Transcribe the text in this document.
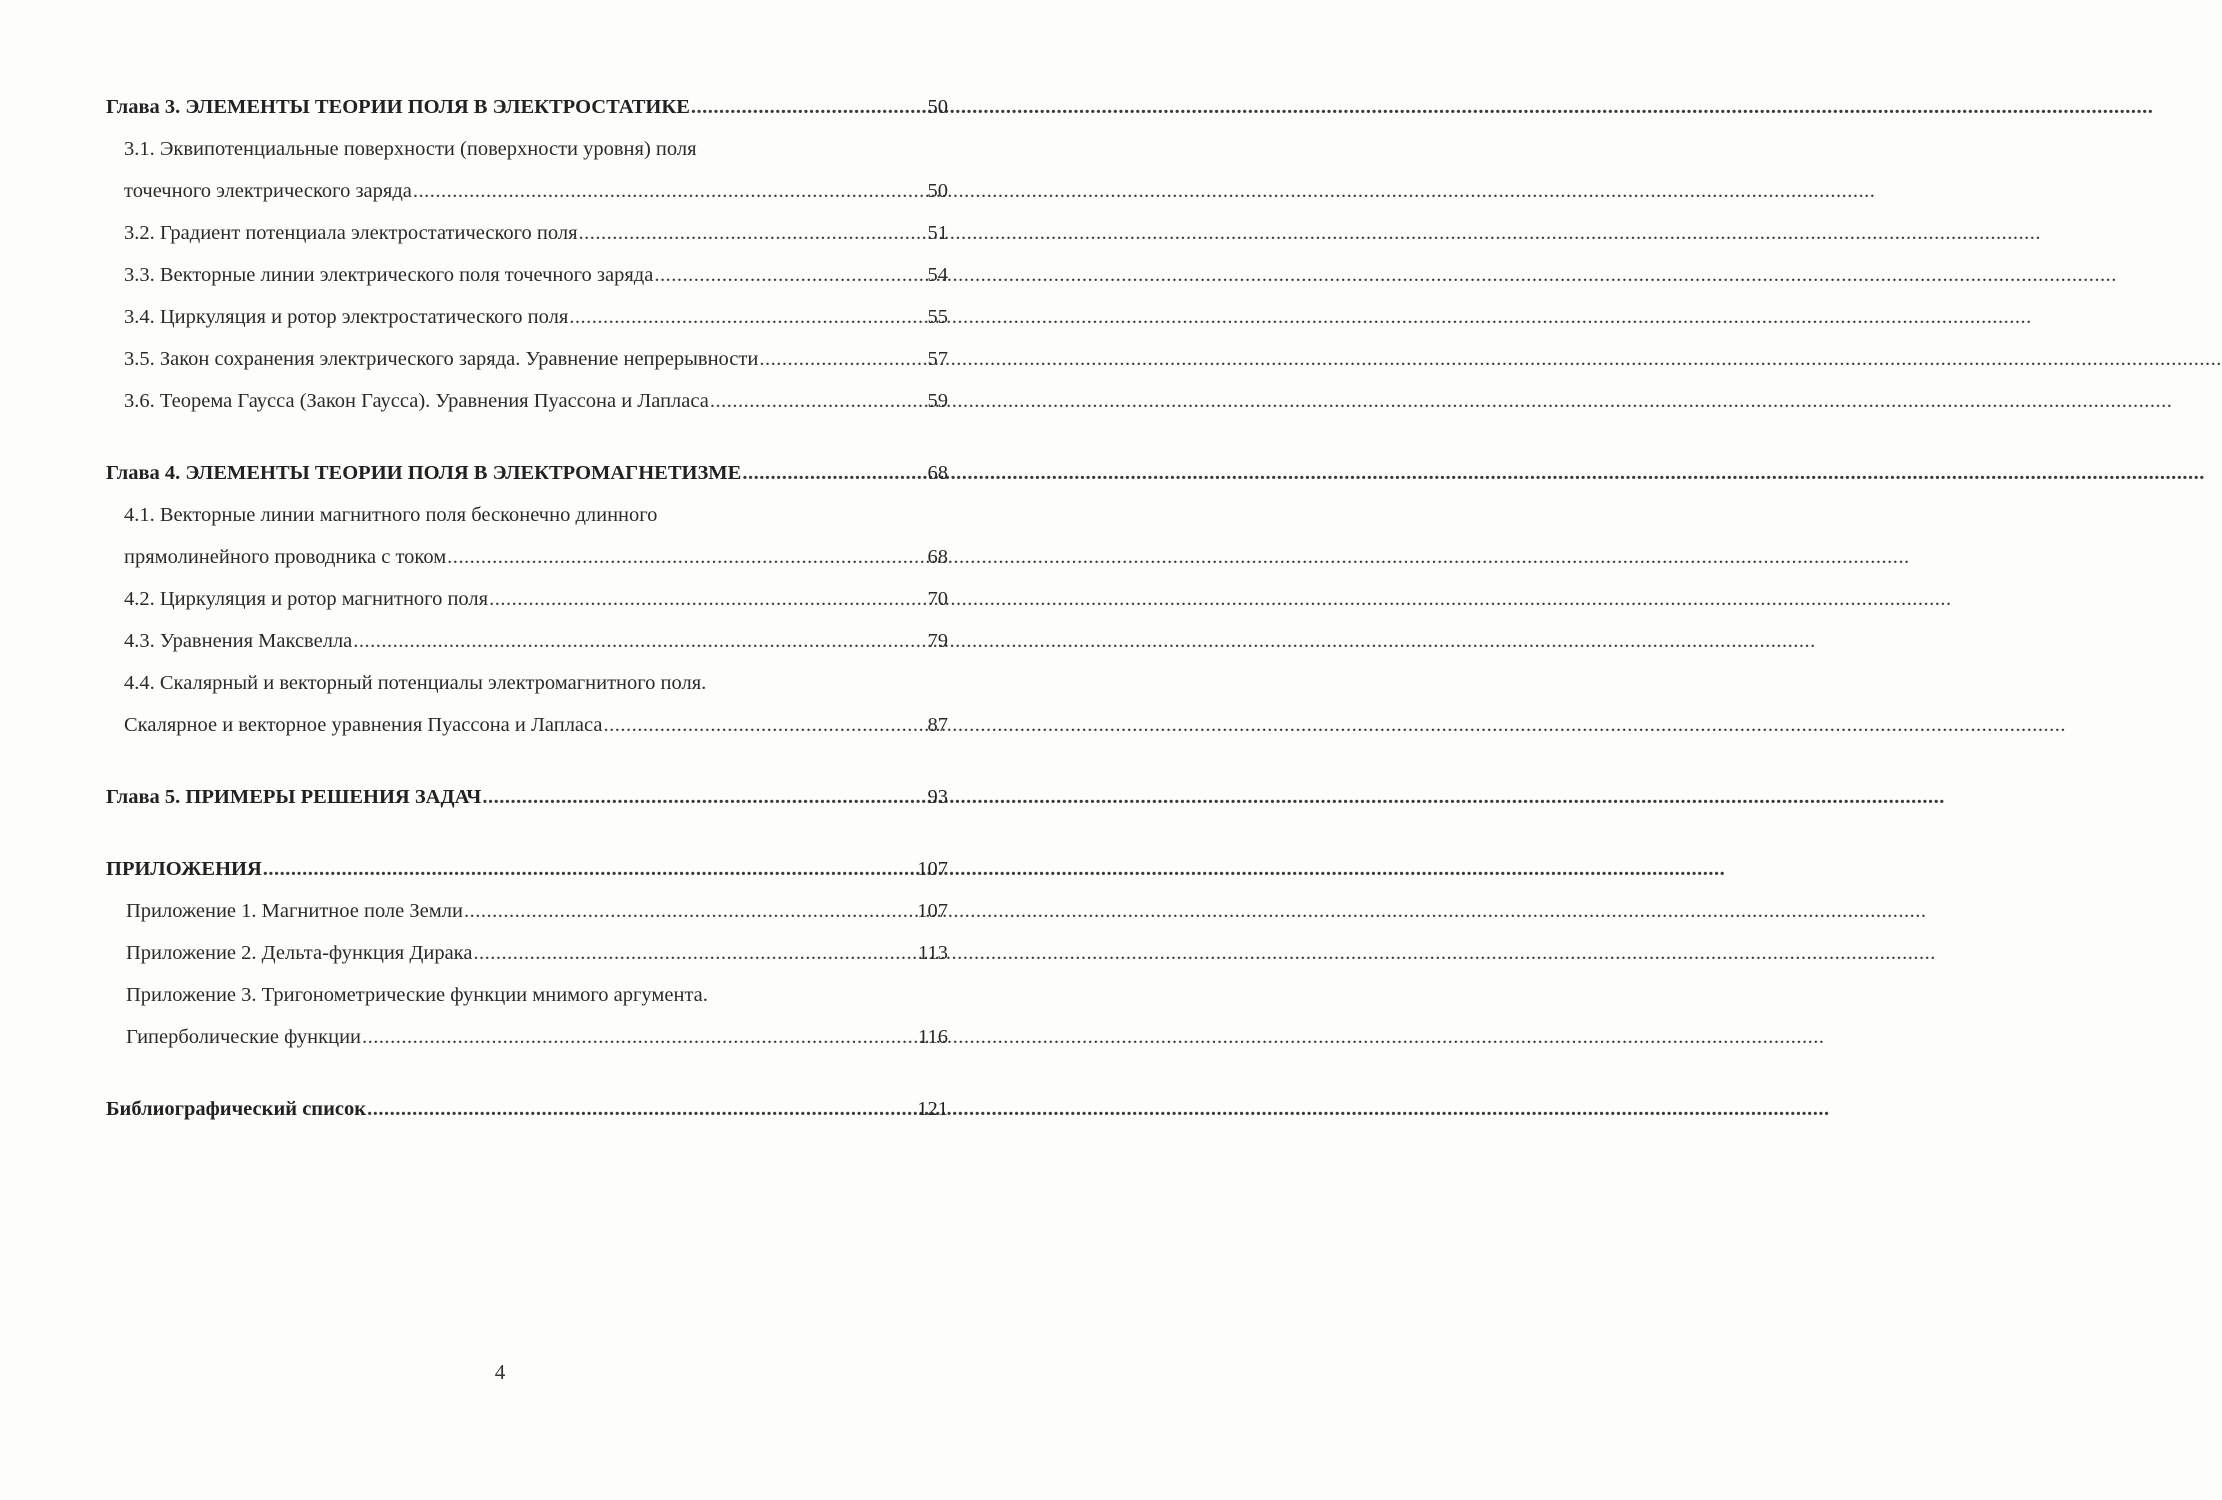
Глава 3. ЭЛЕМЕНТЫ ТЕОРИИ ПОЛЯ В ЭЛЕКТРОСТАТИКЕ .....	50
3.1. Эквипотенциальные поверхности (поверхности уровня) поля
точечного электрического заряда .....	50
3.2. Градиент потенциала электростатического поля .....	51
3.3. Векторные линии электрического поля точечного заряда .....	54
3.4. Циркуляция и ротор электростатического поля .....	55
3.5. Закон сохранения электрического заряда. Уравнение непрерывности .....	57
3.6. Теорема Гаусса (Закон Гаусса). Уравнения Пуассона и Лапласа .....	59
Глава 4. ЭЛЕМЕНТЫ ТЕОРИИ ПОЛЯ В ЭЛЕКТРОМАГНЕТИЗМЕ .....	68
4.1. Векторные линии магнитного поля бесконечно длинного
прямолинейного проводника с током .....	68
4.2. Циркуляция и ротор магнитного поля .....	70
4.3. Уравнения Максвелла .....	79
4.4. Скалярный и векторный потенциалы электромагнитного поля.
Скалярное и векторное уравнения Пуассона и Лапласа .....	87
Глава 5. ПРИМЕРЫ РЕШЕНИЯ ЗАДАЧ .....	93
ПРИЛОЖЕНИЯ .....	107
Приложение 1. Магнитное поле Земли .....	107
Приложение 2. Дельта-функция Дирака .....	113
Приложение 3. Тригонометрические функции мнимого аргумента.
Гиперболические функции .....	116
Библиографический список .....	121
4
